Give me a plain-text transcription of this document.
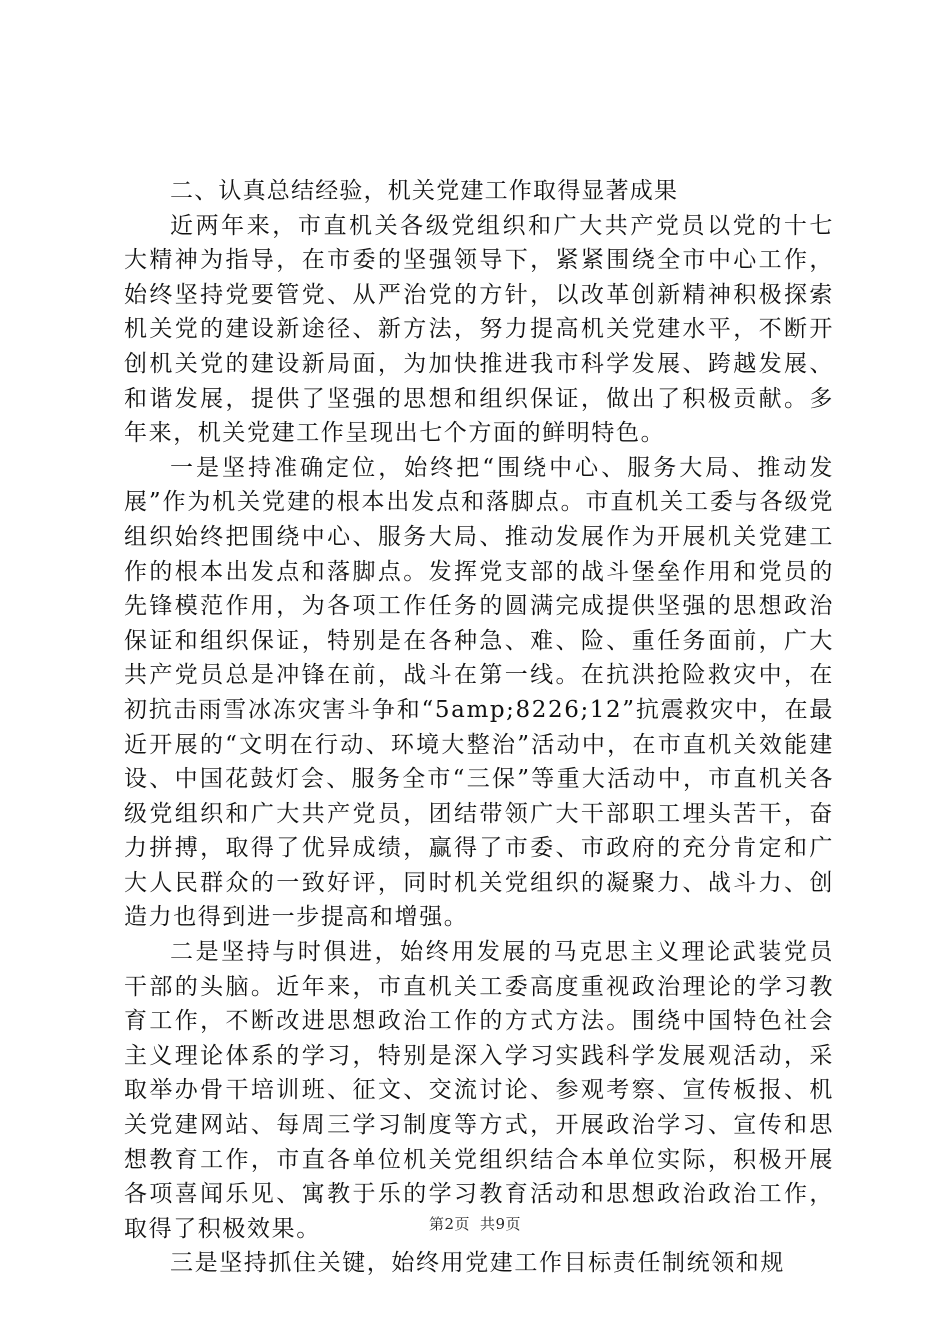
二、认真总结经验，机关党建工作取得显著成果

近两年来，市直机关各级党组织和广大共产党员以党的十七大精神为指导，在市委的坚强领导下，紧紧围绕全市中心工作，始终坚持党要管党、从严治党的方针，以改革创新精神积极探索机关党的建设新途径、新方法，努力提高机关党建水平，不断开创机关党的建设新局面，为加快推进我市科学发展、跨越发展、和谐发展，提供了坚强的思想和组织保证，做出了积极贡献。多年来，机关党建工作呈现出七个方面的鲜明特色。

一是坚持准确定位，始终把“围绕中心、服务大局、推动发展”作为机关党建的根本出发点和落脚点。市直机关工委与各级党组织始终把围绕中心、服务大局、推动发展作为开展机关党建工作的根本出发点和落脚点。发挥党支部的战斗堡垒作用和党员的先锋模范作用，为各项工作任务的圆满完成提供坚强的思想政治保证和组织保证，特别是在各种急、难、险、重任务面前，广大共产党员总是冲锋在前，战斗在第一线。在抗洪抢险救灾中，在初抗击雨雪冰冻灾害斗争和“5amp;8226;12”抗震救灾中，在最近开展的“文明在行动、环境大整治”活动中，在市直机关效能建设、中国花鼓灯会、服务全市“三保”等重大活动中，市直机关各级党组织和广大共产党员，团结带领广大干部职工埋头苦干，奋力拼搏，取得了优异成绩，赢得了市委、市政府的充分肯定和广大人民群众的一致好评，同时机关党组织的凝聚力、战斗力、创造力也得到进一步提高和增强。

二是坚持与时俱进，始终用发展的马克思主义理论武装党员干部的头脑。近年来，市直机关工委高度重视政治理论的学习教育工作，不断改进思想政治工作的方式方法。围绕中国特色社会主义理论体系的学习，特别是深入学习实践科学发展观活动，采取举办骨干培训班、征文、交流讨论、参观考察、宣传板报、机关党建网站、每周三学习制度等方式，开展政治学习、宣传和思想教育工作，市直各单位机关党组织结合本单位实际，积极开展各项喜闻乐见、寓教于乐的学习教育活动和思想政治政治工作，取得了积极效果。

三是坚持抓住关键，始终用党建工作目标责任制统领和规

第2页 共9页
